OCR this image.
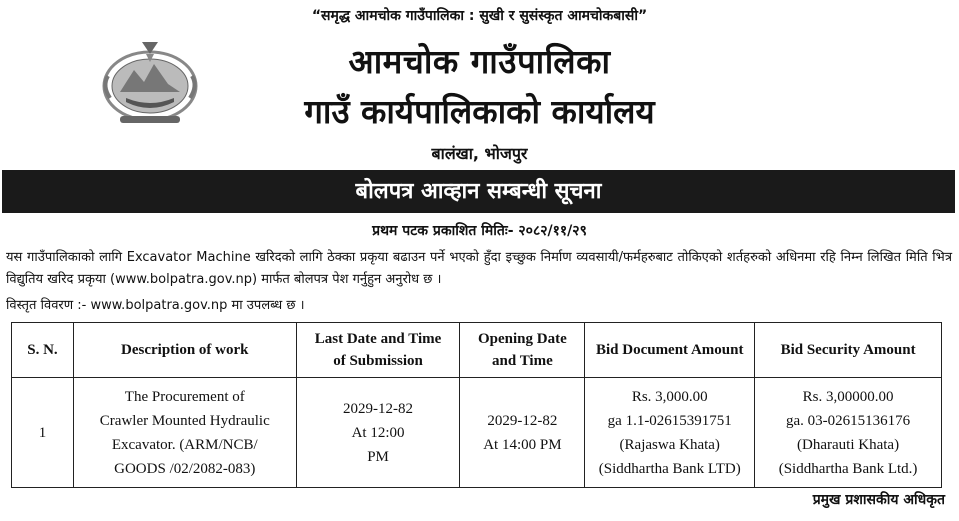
“समृद्ध आमचोक गाउँपालिका : सुखी र सुसंस्कृत आमचोकबासी”
आमचोक गाउँपालिका
गाउँ कार्यपालिकाको कार्यालय
बालंखा, भोजपुर
बोलपत्र आव्हान सम्बन्धी सूचना
प्रथम पटक प्रकाशित मितिः- २०८२/११/२९
यस गाउँपालिकाको लागि Excavator Machine खरिदको लागि ठेक्का प्रकृया बढाउन पर्ने भएको हुँदा इच्छुक निर्माण व्यवसायी/फर्महरुबाट तोकिएको शर्तहरुको अधिनमा रहि निम्न लिखित मिति भित्र विद्युतिय खरिद प्रकृया (www.bolpatra.gov.np) मार्फत बोलपत्र पेश गर्नुहुन अनुरोध छ ।
विस्तृत विवरण :- www.bolpatra.gov.np मा उपलब्ध छ ।
S. N.	Description of work	Last Date and Time
of Submission	Opening Date
and Time	Bid Document Amount	Bid Security Amount
1	The Procurement of
Crawler Mounted Hydraulic
Excavator. (ARM/NCB/
GOODS /02/2082-083)	2029-12-82
At 12:00
PM	2029-12-82
At 14:00 PM	Rs. 3,000.00
ga 1.1-02615391751
(Rajaswa Khata)
(Siddhartha Bank LTD)	Rs. 3,00000.00
ga. 03-02615136176
(Dharauti Khata)
(Siddhartha Bank Ltd.)
प्रमुख प्रशासकीय अधिकृत
